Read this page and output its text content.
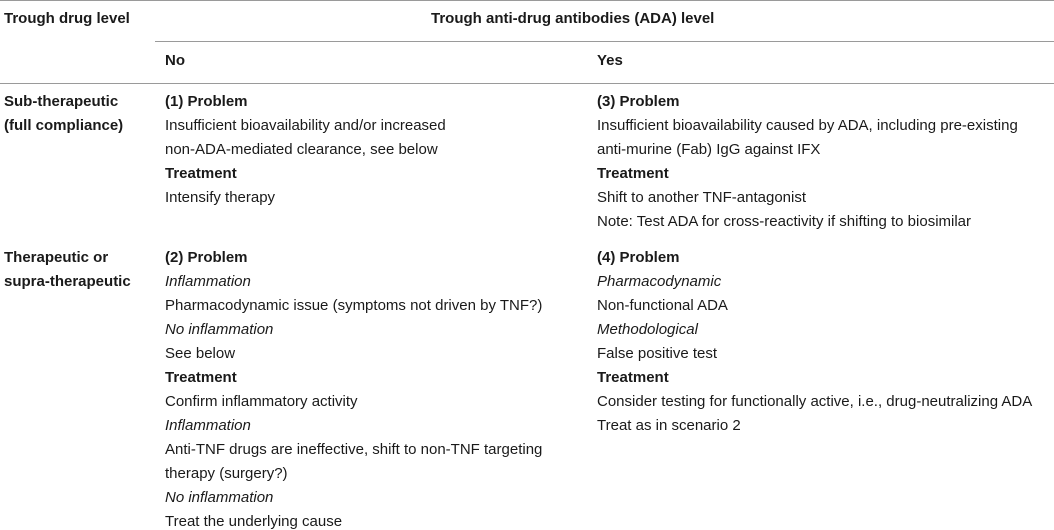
Trough drug level	Trough anti-drug antibodies (ADA) level
No	Yes
Sub-therapeutic
(full compliance)
(1) Problem
Insufficient bioavailability and/or increased
non-ADA-mediated clearance, see below
Treatment
Intensify therapy
(3) Problem
Insufficient bioavailability caused by ADA, including pre-existing
anti-murine (Fab) IgG against IFX
Treatment
Shift to another TNF-antagonist
Note: Test ADA for cross-reactivity if shifting to biosimilar
Therapeutic or
supra-therapeutic
(2) Problem
Inflammation
Pharmacodynamic issue (symptoms not driven by TNF?)
No inflammation
See below
Treatment
Confirm inflammatory activity
Inflammation
Anti-TNF drugs are ineffective, shift to non-TNF targeting
therapy (surgery?)
No inflammation
Treat the underlying cause
(4) Problem
Pharmacodynamic
Non-functional ADA
Methodological
False positive test
Treatment
Consider testing for functionally active, i.e., drug-neutralizing ADA
Treat as in scenario 2
